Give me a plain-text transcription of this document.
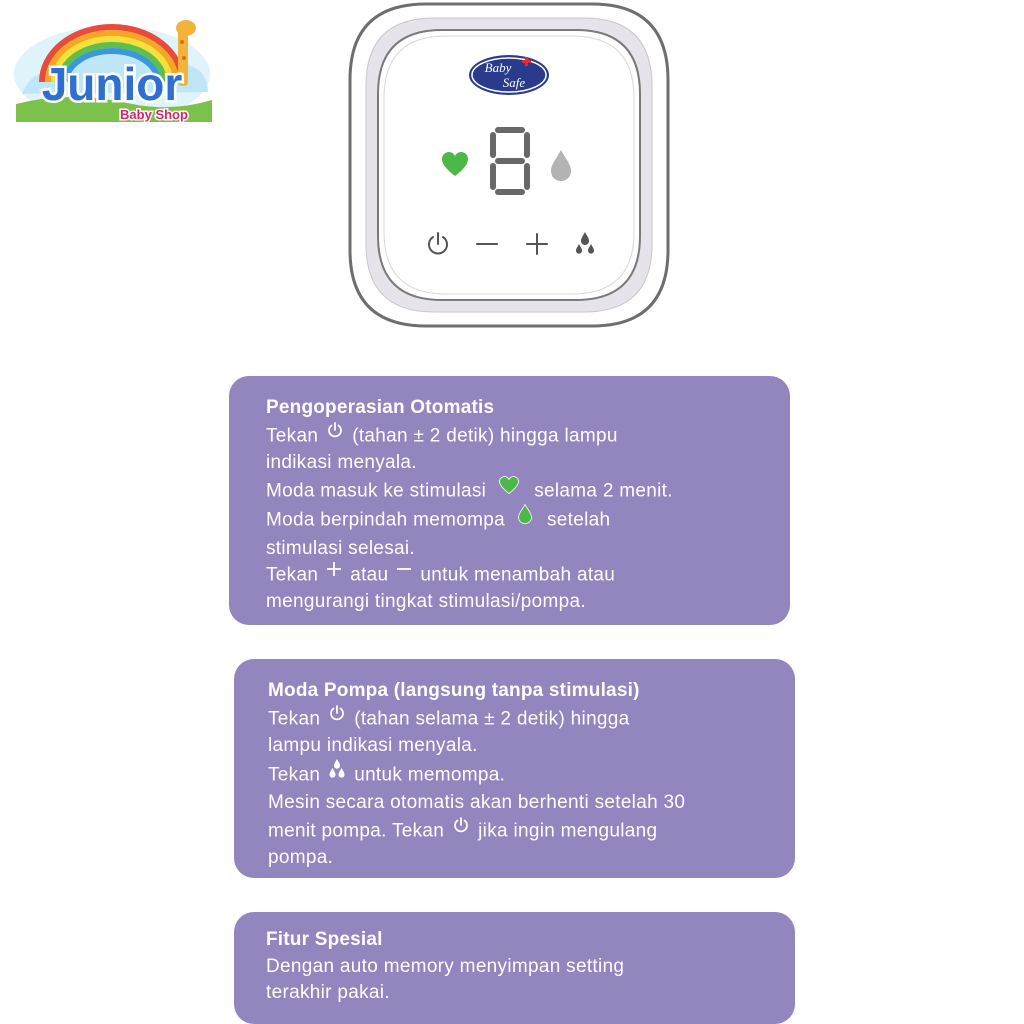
Junior
Baby Shop
Baby
Safe
Pengoperasian Otomatis

Tekan (tahan ± 2 detik) hingga lampu

indikasi menyala.

Moda masuk ke stimulasi	selama 2 menit.

Moda berpindah memompa setelah

stimulasi selesai.

Tekan atau untuk menambah atau

mengurangi tingkat stimulasi/pompa.

Moda Pompa (langsung tanpa stimulasi)

Tekan (tahan selama ± 2 detik) hingga

lampu indikasi menyala.

Tekan untuk memompa.

Mesin secara otomatis akan berhenti setelah 30

menit pompa. Tekan jika ingin mengulang

pompa.

Fitur Spesial

Dengan auto memory menyimpan setting

terakhir pakai.
